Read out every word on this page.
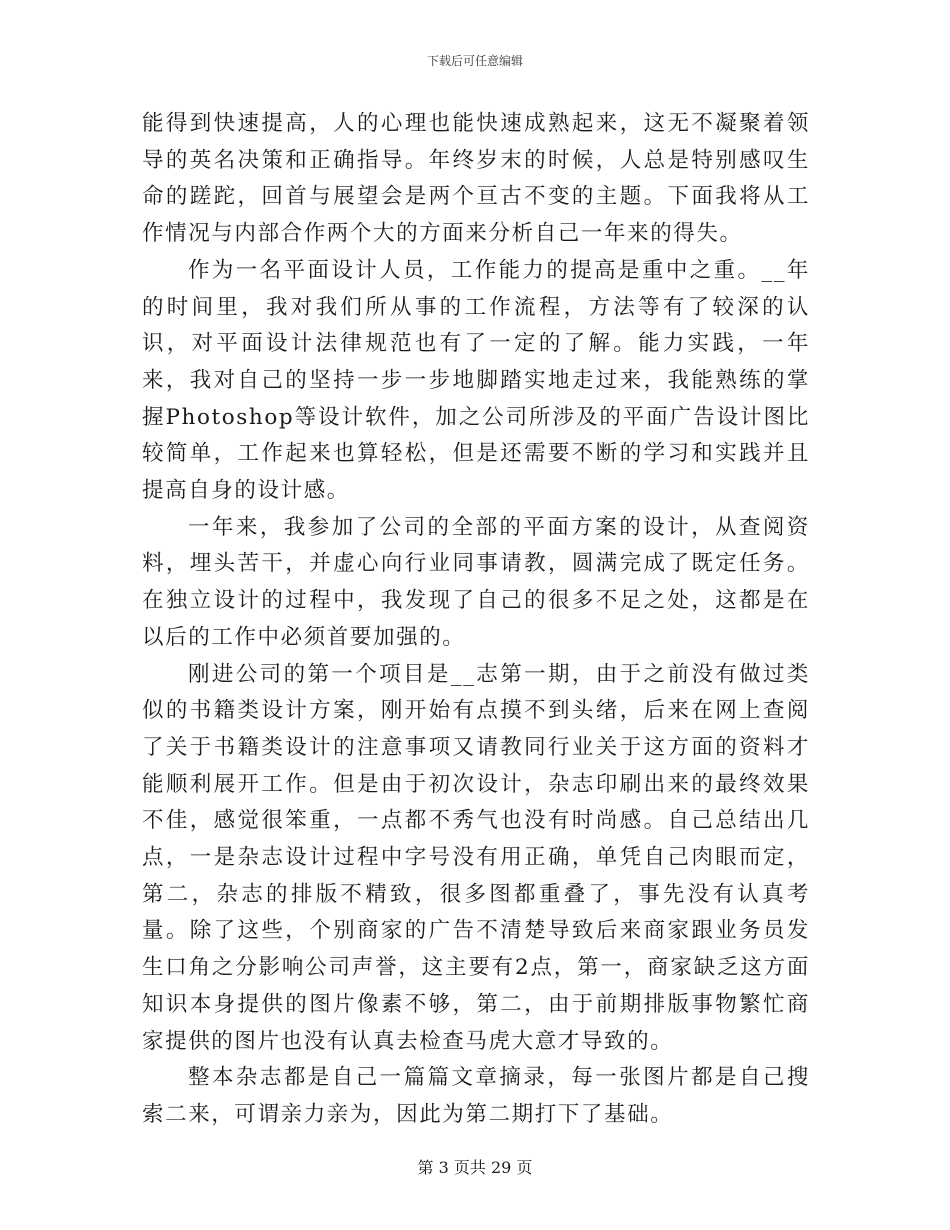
下载后可任意编辑

能得到快速提高，人的心理也能快速成熟起来，这无不凝聚着领导的英名决策和正确指导。年终岁末的时候，人总是特别感叹生命的蹉跎，回首与展望会是两个亘古不变的主题。下面我将从工作情况与内部合作两个大的方面来分析自己一年来的得失。

作为一名平面设计人员，工作能力的提高是重中之重。__年的时间里，我对我们所从事的工作流程，方法等有了较深的认识，对平面设计法律规范也有了一定的了解。能力实践，一年来，我对自己的坚持一步一步地脚踏实地走过来，我能熟练的掌握Photoshop等设计软件，加之公司所涉及的平面广告设计图比较简单，工作起来也算轻松，但是还需要不断的学习和实践并且提高自身的设计感。

一年来，我参加了公司的全部的平面方案的设计，从查阅资料，埋头苦干，并虚心向行业同事请教，圆满完成了既定任务。在独立设计的过程中，我发现了自己的很多不足之处，这都是在以后的工作中必须首要加强的。

刚进公司的第一个项目是__志第一期，由于之前没有做过类似的书籍类设计方案，刚开始有点摸不到头绪，后来在网上查阅了关于书籍类设计的注意事项又请教同行业关于这方面的资料才能顺利展开工作。但是由于初次设计，杂志印刷出来的最终效果不佳，感觉很笨重，一点都不秀气也没有时尚感。自己总结出几点，一是杂志设计过程中字号没有用正确，单凭自己肉眼而定，第二，杂志的排版不精致，很多图都重叠了，事先没有认真考量。除了这些，个别商家的广告不清楚导致后来商家跟业务员发生口角之分影响公司声誉，这主要有2点，第一，商家缺乏这方面知识本身提供的图片像素不够，第二，由于前期排版事物繁忙商家提供的图片也没有认真去检查马虎大意才导致的。

整本杂志都是自己一篇篇文章摘录，每一张图片都是自己搜索二来，可谓亲力亲为，因此为第二期打下了基础。

第 3 页共 29 页
